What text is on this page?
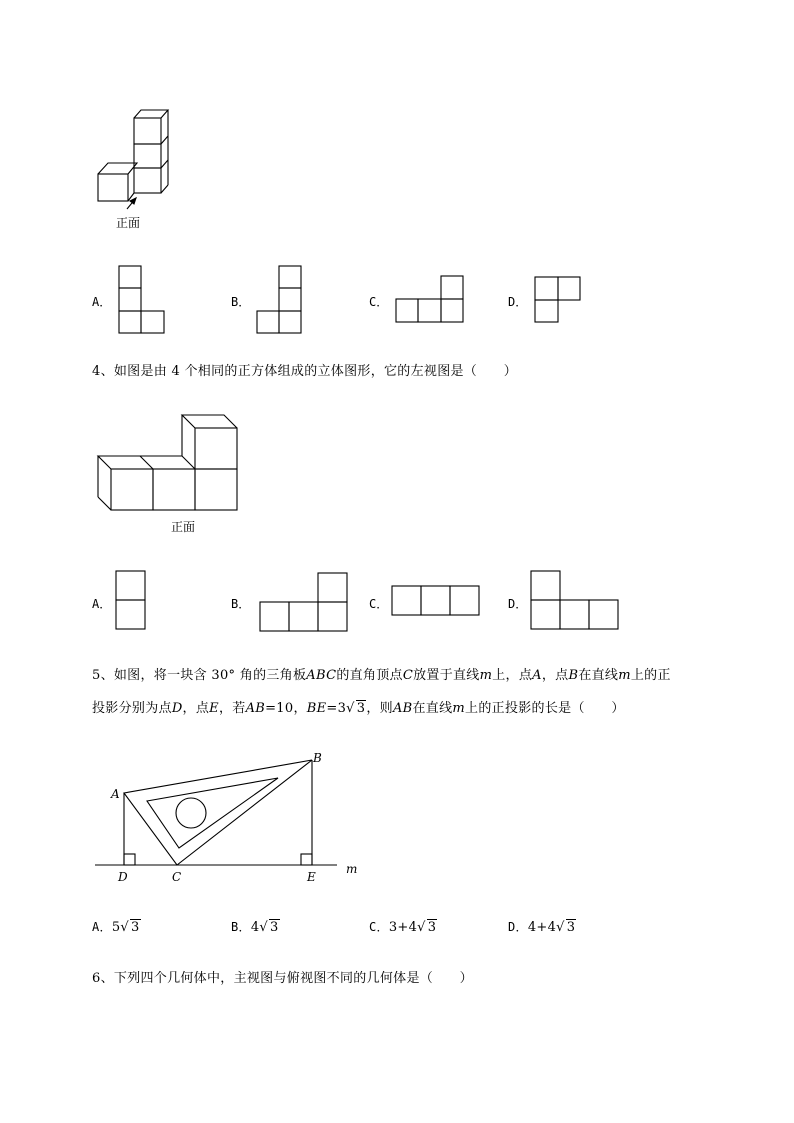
正面
A．	B．	C．	D．
4、如图是由 4 个相同的正方体组成的立体图形，它的左视图是（　　）
正面
A．	B．	C．	D．
5、如图，将一块含 30° 角的三角板ABC的直角顶点C放置于直线m上，点A，点B在直线m上的正
投影分别为点D，点E，若AB=10，BE=3√ 3，则AB在直线m上的正投影的长是（　　）
A
B
C
D	E
m
A．5√ 3	B．4√ 3	C．3+4√ 3	D．4+4√ 3
6、下列四个几何体中，主视图与俯视图不同的几何体是（　　）
